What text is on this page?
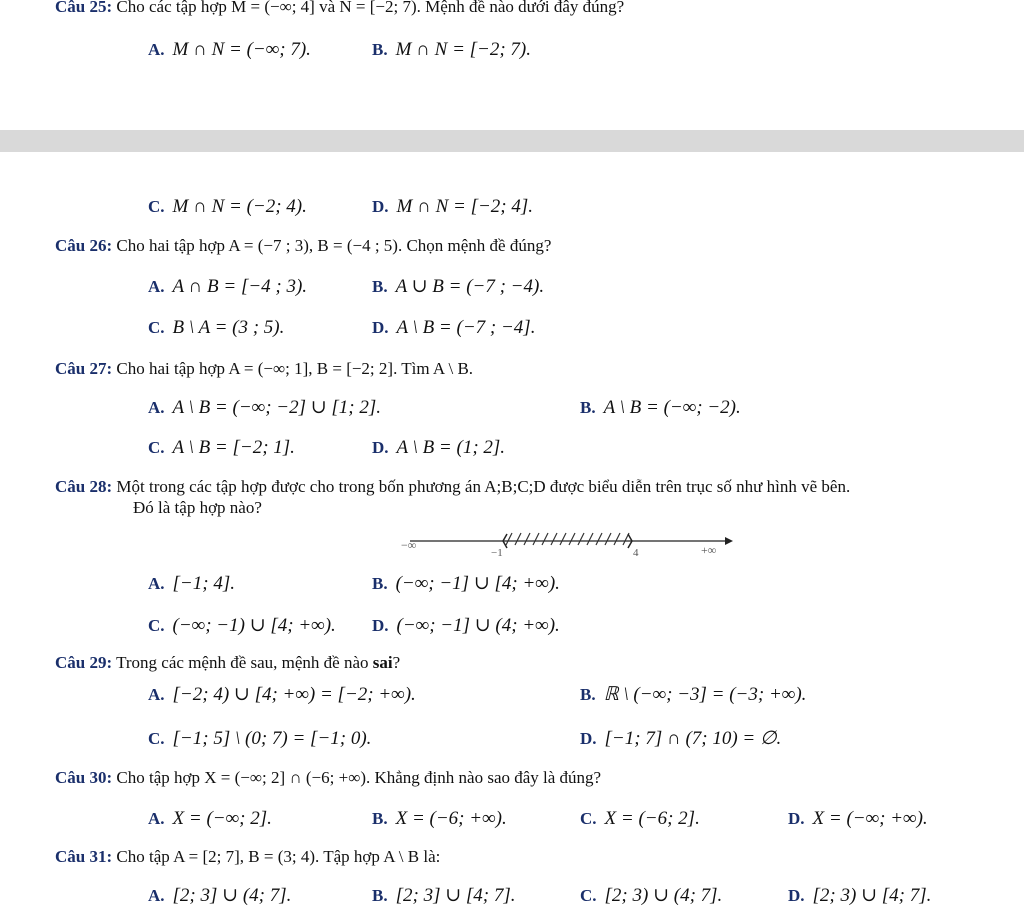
Câu 25: Cho các tập hợp M = (−∞; 4] và N = [−2; 7). Mệnh đề nào dưới đây đúng?
A. M ∩ N = (−∞; 7).	B. M ∩ N = [−2; 7).
C. M ∩ N = (−2; 4).	D. M ∩ N = [−2; 4].
Câu 26: Cho hai tập hợp A = (−7 ; 3), B = (−4 ; 5). Chọn mệnh đề đúng?
A. A ∩ B = [−4 ; 3).	B. A ∪ B = (−7 ; −4).
C. B \ A = (3 ; 5).	D. A \ B = (−7 ; −4].
Câu 27: Cho hai tập hợp A = (−∞; 1], B = [−2; 2]. Tìm A \ B.
A. A \ B = (−∞; −2] ∪ [1; 2].	B. A \ B = (−∞; −2).
C. A \ B = [−2; 1].	D. A \ B = (1; 2].
Câu 28: Một trong các tập hợp được cho trong bốn phương án A;B;C;D được biểu diễn trên trục số như hình vẽ bên.
Đó là tập hợp nào?
−∞
−1	4	+∞
A. [−1; 4].	B. (−∞; −1] ∪ [4; +∞).
C. (−∞; −1) ∪ [4; +∞). D. (−∞; −1] ∪ (4; +∞).
Câu 29: Trong các mệnh đề sau, mệnh đề nào sai?
A. [−2; 4) ∪ [4; +∞) = [−2; +∞).	B. ℝ \ (−∞; −3] = (−3; +∞).
C. [−1; 5] \ (0; 7) = [−1; 0).	D. [−1; 7] ∩ (7; 10) = ∅.
Câu 30: Cho tập hợp X = (−∞; 2] ∩ (−6; +∞). Khẳng định nào sao đây là đúng?
A. X = (−∞; 2].	B. X = (−6; +∞).	C. X = (−6; 2].	D. X = (−∞; +∞).
Câu 31: Cho tập A = [2; 7], B = (3; 4). Tập hợp A \ B là:
A. [2; 3] ∪ (4; 7].	B. [2; 3] ∪ [4; 7].	C. [2; 3) ∪ (4; 7].	D. [2; 3) ∪ [4; 7].
